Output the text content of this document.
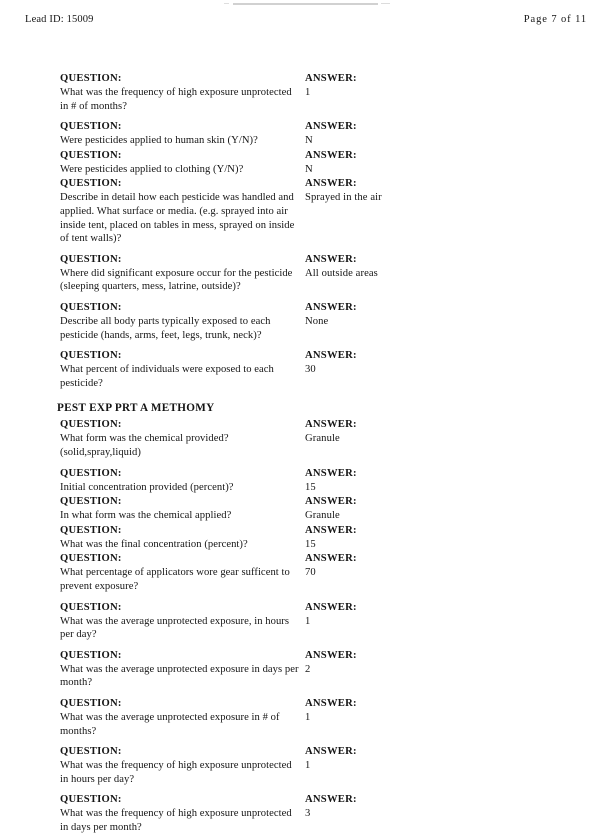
Lead ID: 15009	Page 7 of 11
QUESTION:
What was the frequency of high exposure unprotected in # of months?
ANSWER:
1
QUESTION:
Were pesticides applied to human skin (Y/N)?
ANSWER:
N
QUESTION:
Were pesticides applied to clothing (Y/N)?
ANSWER:
N
QUESTION:
Describe in detail how each pesticide was handled and applied. What surface or media. (e.g. sprayed into air inside tent, placed on tables in mess, sprayed on inside of tent walls)?
ANSWER:
Sprayed in the air
QUESTION:
Where did significant exposure occur for the pesticide (sleeping quarters, mess, latrine, outside)?
ANSWER:
All outside areas
QUESTION:
Describe all body parts typically exposed to each pesticide (hands, arms, feet, legs, trunk, neck)?
ANSWER:
None
QUESTION:
What percent of individuals were exposed to each pesticide?
ANSWER:
30
PEST EXP PRT A METHOMY
QUESTION:
What form was the chemical provided?(solid,spray,liquid)
ANSWER:
Granule
QUESTION:
Initial concentration provided (percent)?
ANSWER:
15
QUESTION:
In what form was the chemical applied?
ANSWER:
Granule
QUESTION:
What was the final concentration (percent)?
ANSWER:
15
QUESTION:
What percentage of applicators wore gear sufficent to prevent exposure?
ANSWER:
70
QUESTION:
What was the average unprotected exposure, in hours per day?
ANSWER:
1
QUESTION:
What was the average unprotected exposure in days per month?
ANSWER:
2
QUESTION:
What was the average unprotected exposure in # of months?
ANSWER:
1
QUESTION:
What was the frequency of high exposure unprotected in hours per day?
ANSWER:
1
QUESTION:
What was the frequency of high exposure unprotected in days per month?
ANSWER:
3
